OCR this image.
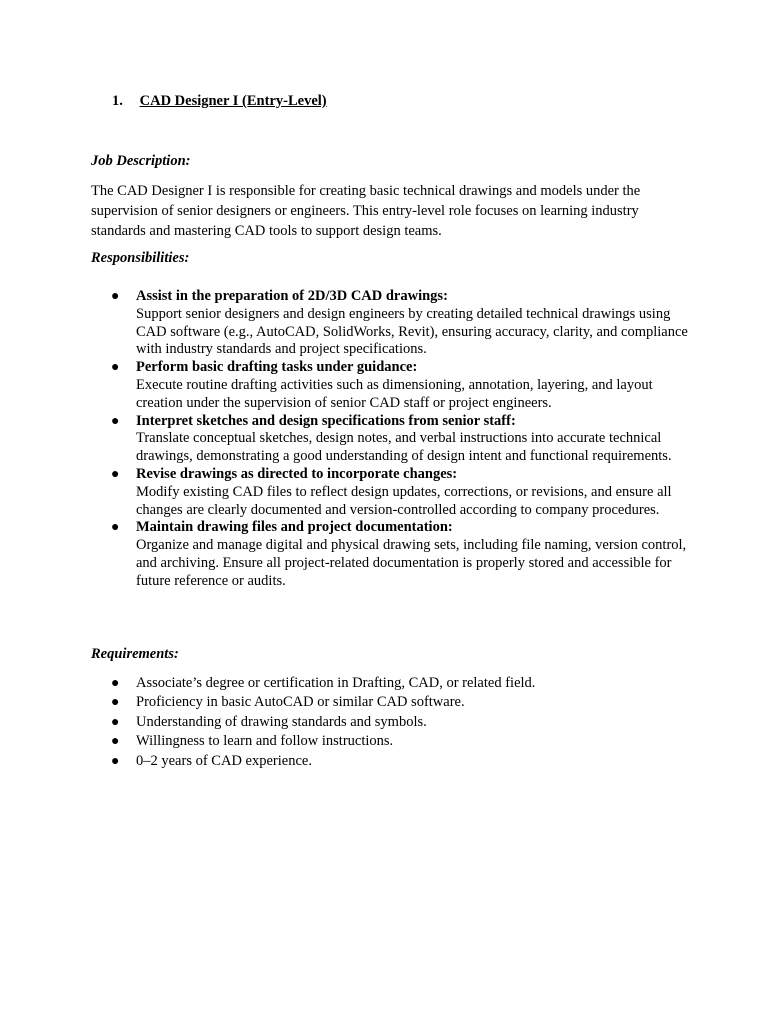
1. CAD Designer I (Entry-Level)
Job Description:

The CAD Designer I is responsible for creating basic technical drawings and models under the supervision of senior designers or engineers. This entry-level role focuses on learning industry standards and mastering CAD tools to support design teams.

Responsibilities:
● Assist in the preparation of 2D/3D CAD drawings:
Support senior designers and design engineers by creating detailed technical drawings using CAD software (e.g., AutoCAD, SolidWorks, Revit), ensuring accuracy, clarity, and compliance with industry standards and project specifications.
● Perform basic drafting tasks under guidance:
Execute routine drafting activities such as dimensioning, annotation, layering, and layout creation under the supervision of senior CAD staff or project engineers.
● Interpret sketches and design specifications from senior staff:
Translate conceptual sketches, design notes, and verbal instructions into accurate technical drawings, demonstrating a good understanding of design intent and functional requirements.
● Revise drawings as directed to incorporate changes:
Modify existing CAD files to reflect design updates, corrections, or revisions, and ensure all changes are clearly documented and version-controlled according to company procedures.
● Maintain drawing files and project documentation:
Organize and manage digital and physical drawing sets, including file naming, version control, and archiving. Ensure all project-related documentation is properly stored and accessible for future reference or audits.
Requirements:
● Associate’s degree or certification in Drafting, CAD, or related field.
● Proficiency in basic AutoCAD or similar CAD software.
● Understanding of drawing standards and symbols.
● Willingness to learn and follow instructions.
● 0–2 years of CAD experience.
